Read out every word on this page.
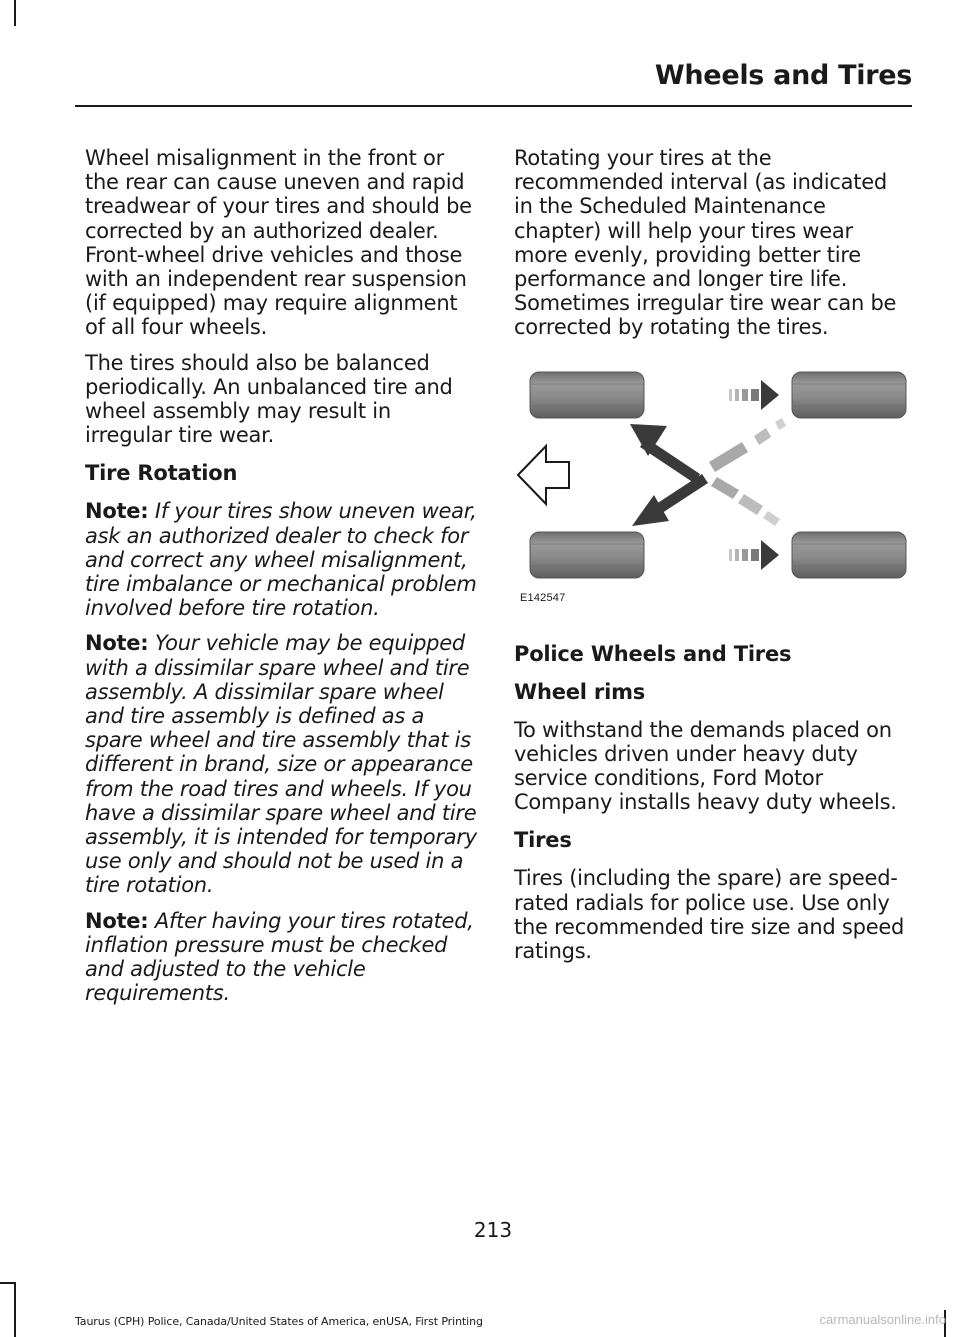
Wheels and Tires

Wheel misalignment in the front or the rear can cause uneven and rapid treadwear of your tires and should be corrected by an authorized dealer. Front-wheel drive vehicles and those with an independent rear suspension (if equipped) may require alignment of all four wheels.

The tires should also be balanced periodically. An unbalanced tire and wheel assembly may result in irregular tire wear.

Tire Rotation

Note: If your tires show uneven wear, ask an authorized dealer to check for and correct any wheel misalignment, tire imbalance or mechanical problem involved before tire rotation.

Note: Your vehicle may be equipped with a dissimilar spare wheel and tire assembly. A dissimilar spare wheel and tire assembly is defined as a spare wheel and tire assembly that is different in brand, size or appearance from the road tires and wheels. If you have a dissimilar spare wheel and tire assembly, it is intended for temporary use only and should not be used in a tire rotation.

Note: After having your tires rotated, inflation pressure must be checked and adjusted to the vehicle requirements.

Rotating your tires at the recommended interval (as indicated in the Scheduled Maintenance chapter) will help your tires wear more evenly, providing better tire performance and longer tire life. Sometimes irregular tire wear can be corrected by rotating the tires.

E142547
Police Wheels and Tires
Wheel rims

To withstand the demands placed on vehicles driven under heavy duty service conditions, Ford Motor Company installs heavy duty wheels.

Tires

Tires (including the spare) are speed-rated radials for police use. Use only the recommended tire size and speed ratings.

213
Taurus (CPH) Police, Canada/United States of America, enUSA, First Printing	carmanualsonline.info
